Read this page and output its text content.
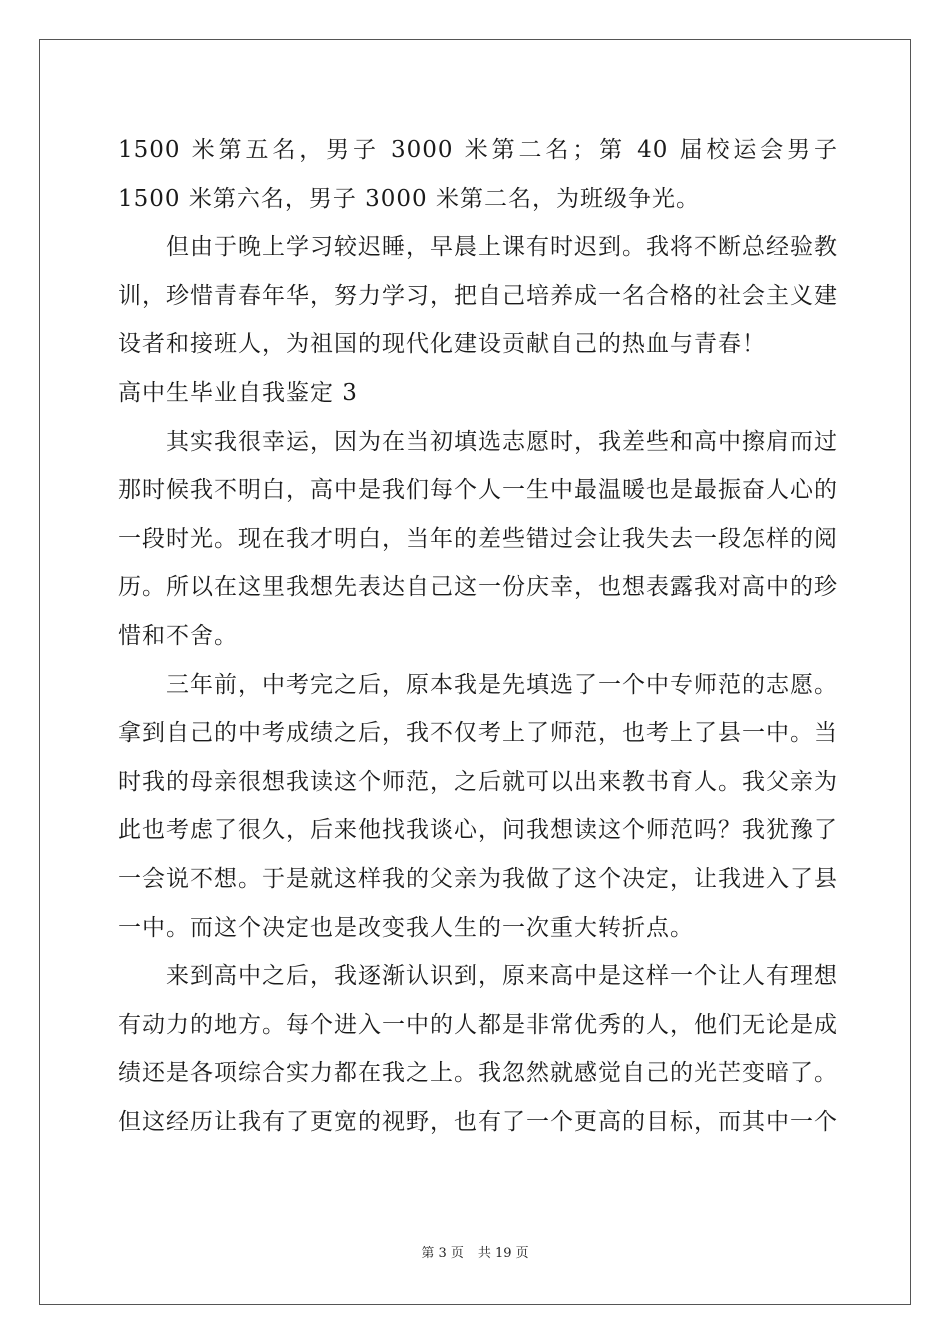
1500 米第五名，男子 3000 米第二名；第 40 届校运会男子 1500 米第六名，男子 3000 米第二名，为班级争光。

但由于晚上学习较迟睡，早晨上课有时迟到。我将不断总经验教训，珍惜青春年华，努力学习，把自己培养成一名合格的社会主义建设者和接班人，为祖国的现代化建设贡献自己的热血与青春！

高中生毕业自我鉴定 3

其实我很幸运，因为在当初填选志愿时，我差些和高中擦肩而过那时候我不明白，高中是我们每个人一生中最温暖也是最振奋人心的一段时光。现在我才明白，当年的差些错过会让我失去一段怎样的阅历。所以在这里我想先表达自己这一份庆幸，也想表露我对高中的珍惜和不舍。

三年前，中考完之后，原本我是先填选了一个中专师范的志愿。拿到自己的中考成绩之后，我不仅考上了师范，也考上了县一中。当时我的母亲很想我读这个师范，之后就可以出来教书育人。我父亲为此也考虑了很久，后来他找我谈心，问我想读这个师范吗？我犹豫了一会说不想。于是就这样我的父亲为我做了这个决定，让我进入了县一中。而这个决定也是改变我人生的一次重大转折点。

来到高中之后，我逐渐认识到，原来高中是这样一个让人有理想有动力的地方。每个进入一中的人都是非常优秀的人，他们无论是成绩还是各项综合实力都在我之上。我忽然就感觉自己的光芒变暗了。但这经历让我有了更宽的视野，也有了一个更高的目标，而其中一个

第 3 页 共 19 页
